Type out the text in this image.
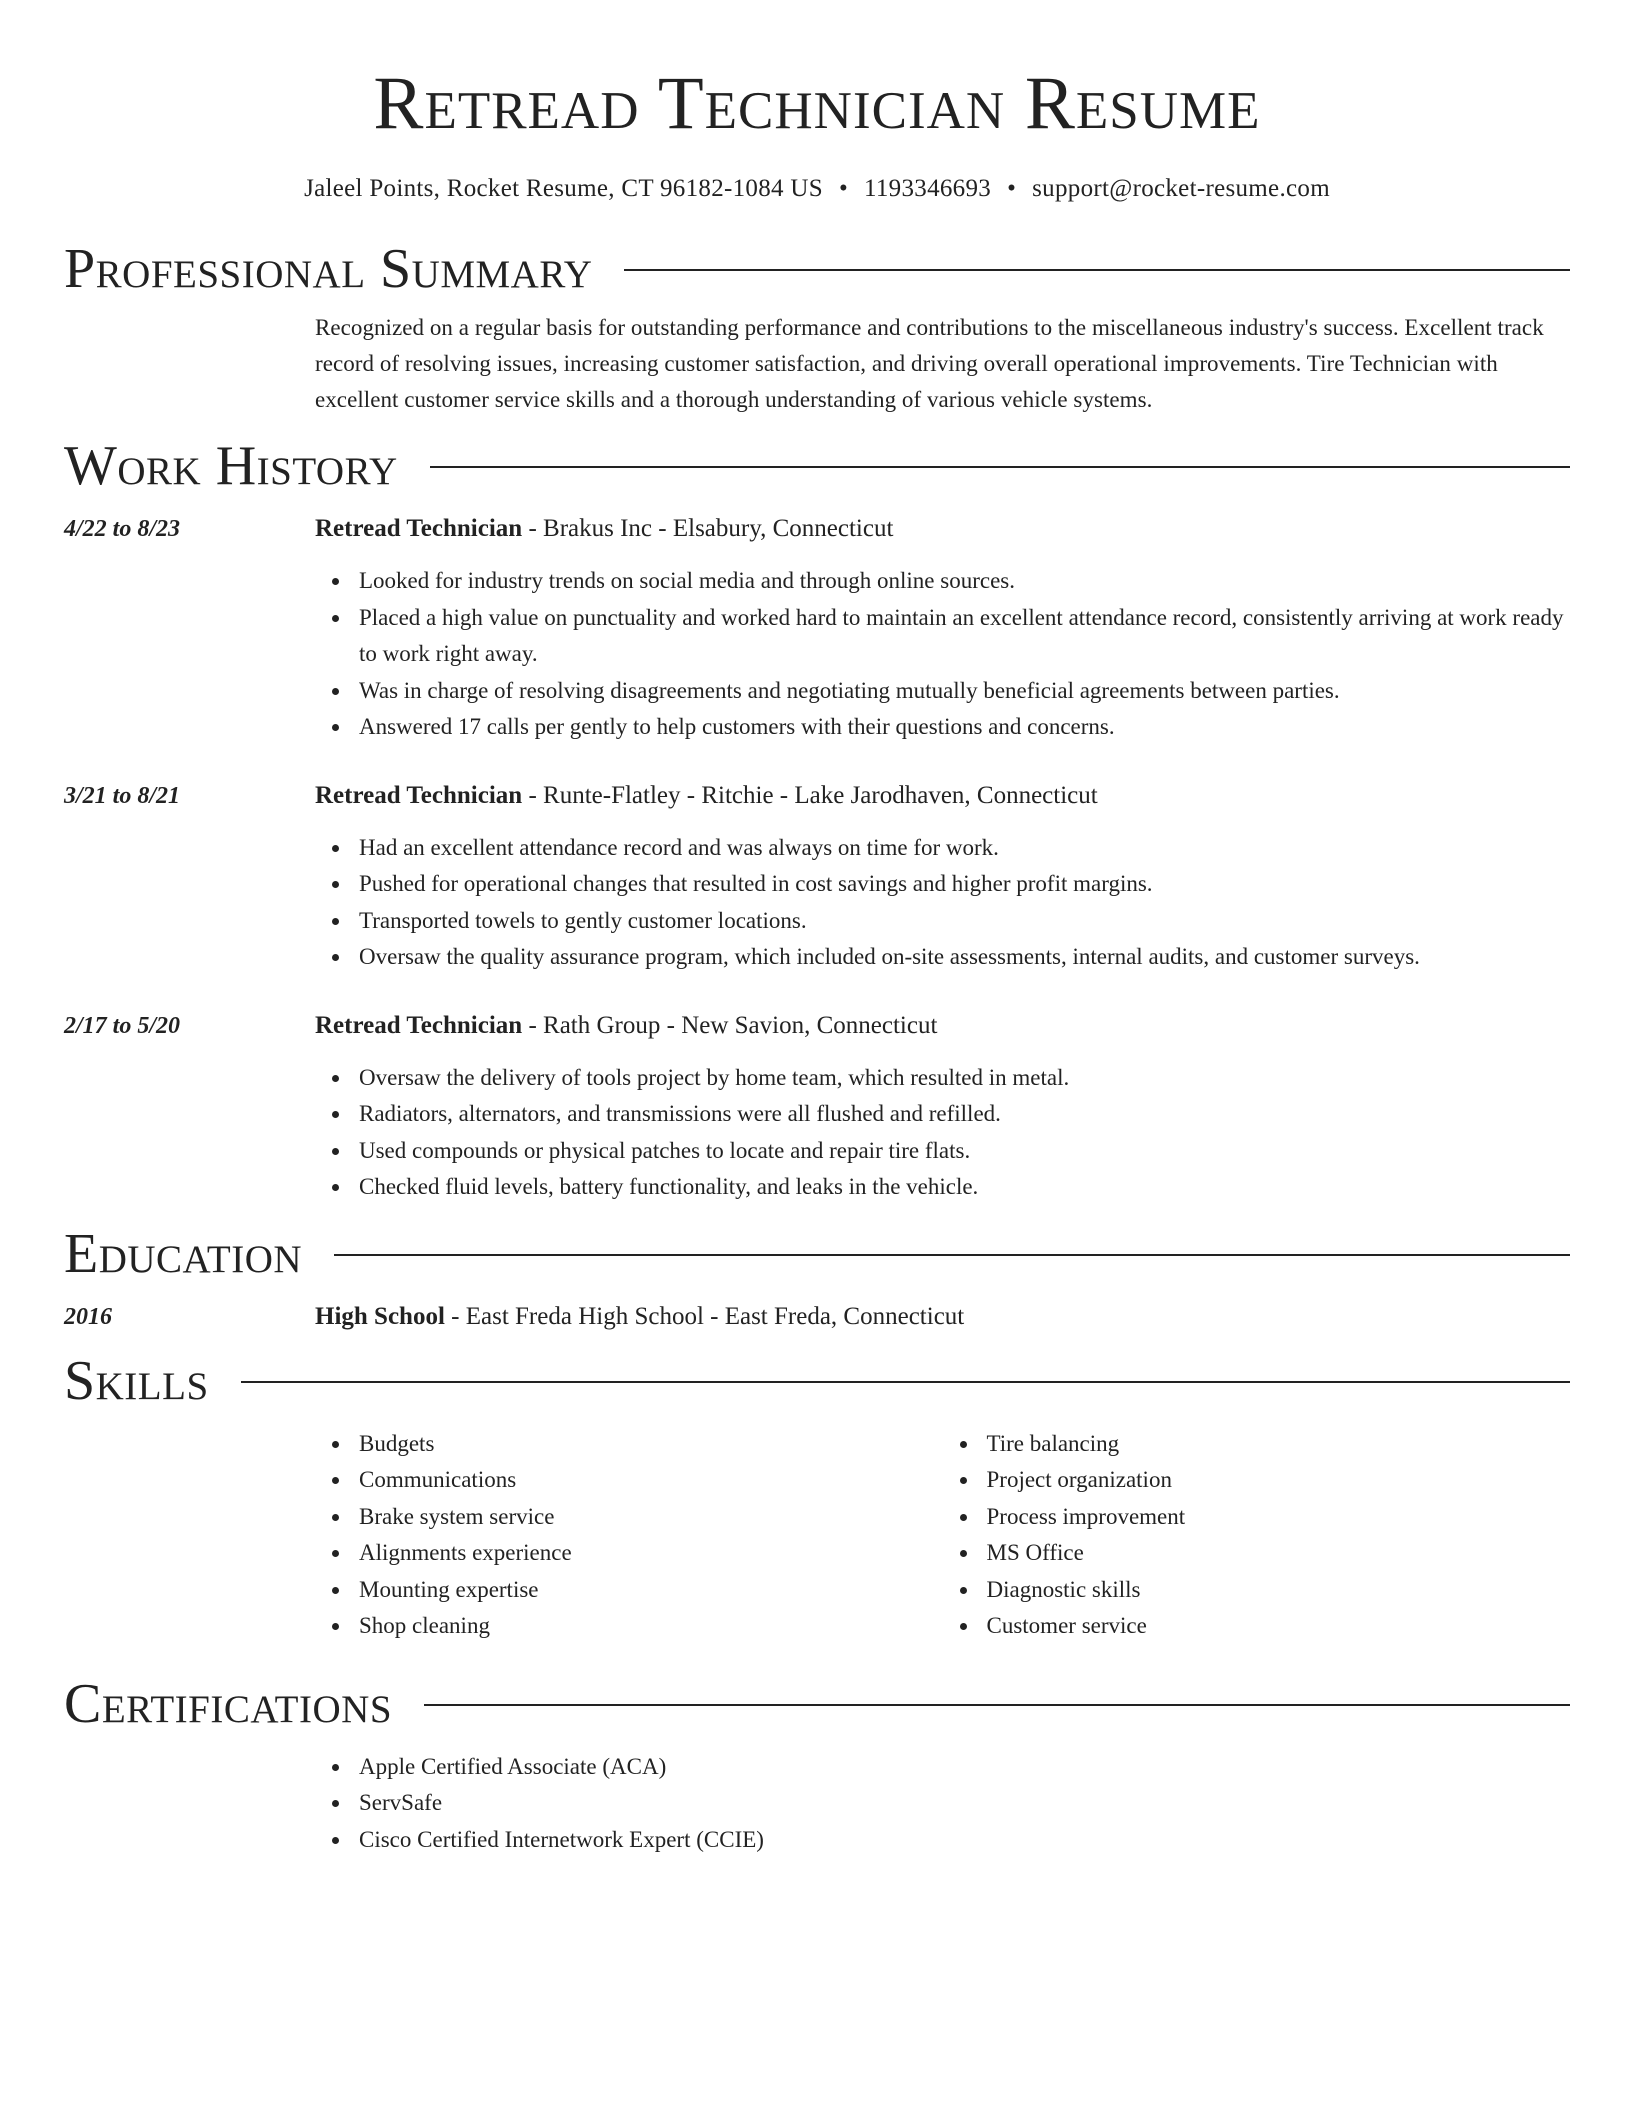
Retread Technician Resume
Jaleel Points, Rocket Resume, CT 96182-1084 US • 1193346693 • support@rocket-resume.com
Professional Summary
Recognized on a regular basis for outstanding performance and contributions to the miscellaneous industry's success. Excellent track record of resolving issues, increasing customer satisfaction, and driving overall operational improvements. Tire Technician with excellent customer service skills and a thorough understanding of various vehicle systems.
Work History
4/22 to 8/23	Retread Technician - Brakus Inc - Elsabury, Connecticut
Looked for industry trends on social media and through online sources.
Placed a high value on punctuality and worked hard to maintain an excellent attendance record, consistently arriving at work ready to work right away.
Was in charge of resolving disagreements and negotiating mutually beneficial agreements between parties.
Answered 17 calls per gently to help customers with their questions and concerns.
3/21 to 8/21	Retread Technician - Runte-Flatley - Ritchie - Lake Jarodhaven, Connecticut
Had an excellent attendance record and was always on time for work.
Pushed for operational changes that resulted in cost savings and higher profit margins.
Transported towels to gently customer locations.
Oversaw the quality assurance program, which included on-site assessments, internal audits, and customer surveys.
2/17 to 5/20	Retread Technician - Rath Group - New Savion, Connecticut
Oversaw the delivery of tools project by home team, which resulted in metal.
Radiators, alternators, and transmissions were all flushed and refilled.
Used compounds or physical patches to locate and repair tire flats.
Checked fluid levels, battery functionality, and leaks in the vehicle.
Education
2016	High School - East Freda High School - East Freda, Connecticut
Skills
Budgets
Communications
Brake system service
Alignments experience
Mounting expertise
Shop cleaning
Tire balancing
Project organization
Process improvement
MS Office
Diagnostic skills
Customer service
Certifications
Apple Certified Associate (ACA)
ServSafe
Cisco Certified Internetwork Expert (CCIE)
